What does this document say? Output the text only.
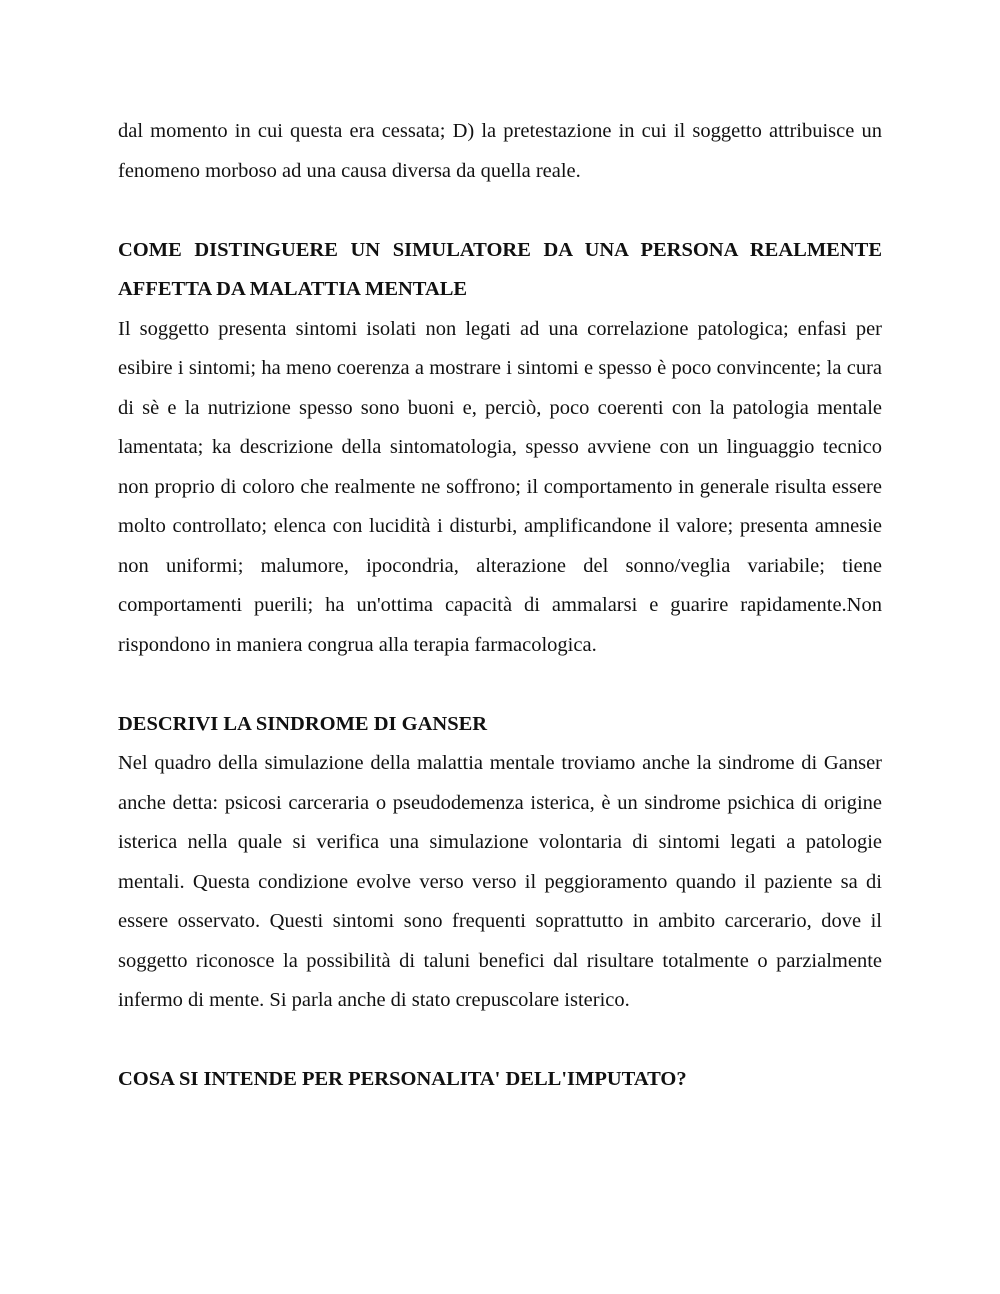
dal momento in cui questa era cessata; D) la pretestazione in cui il soggetto attribuisce un fenomeno morboso ad una causa diversa da quella reale.

COME DISTINGUERE UN SIMULATORE DA UNA PERSONA REALMENTE AFFETTA DA MALATTIA MENTALE

Il soggetto presenta sintomi isolati non legati ad una correlazione patologica; enfasi per esibire i sintomi; ha meno coerenza a mostrare i sintomi e spesso è poco convincente; la cura di sè e la nutrizione spesso sono buoni e, perciò, poco coerenti con la patologia mentale lamentata; ka descrizione della sintomatologia, spesso avviene con un linguaggio tecnico non proprio di coloro che realmente ne soffrono; il comportamento in generale risulta essere molto controllato; elenca con lucidità i disturbi, amplificandone il valore; presenta amnesie non uniformi; malumore, ipocondria, alterazione del sonno/veglia variabile; tiene comportamenti puerili; ha un'ottima capacità di ammalarsi e guarire rapidamente.Non rispondono in maniera congrua alla terapia farmacologica.

DESCRIVI LA SINDROME DI GANSER

Nel quadro della simulazione della malattia mentale troviamo anche la sindrome di Ganser anche detta: psicosi carceraria o pseudodemenza isterica, è un sindrome psichica di origine isterica nella quale si verifica una simulazione volontaria di sintomi legati a patologie mentali. Questa condizione evolve verso verso il peggioramento quando il paziente sa di essere osservato. Questi sintomi sono frequenti soprattutto in ambito carcerario, dove il soggetto riconosce la possibilità di taluni benefici dal risultare totalmente o parzialmente infermo di mente. Si parla anche di stato crepuscolare isterico.

COSA SI INTENDE PER PERSONALITA' DELL'IMPUTATO?
